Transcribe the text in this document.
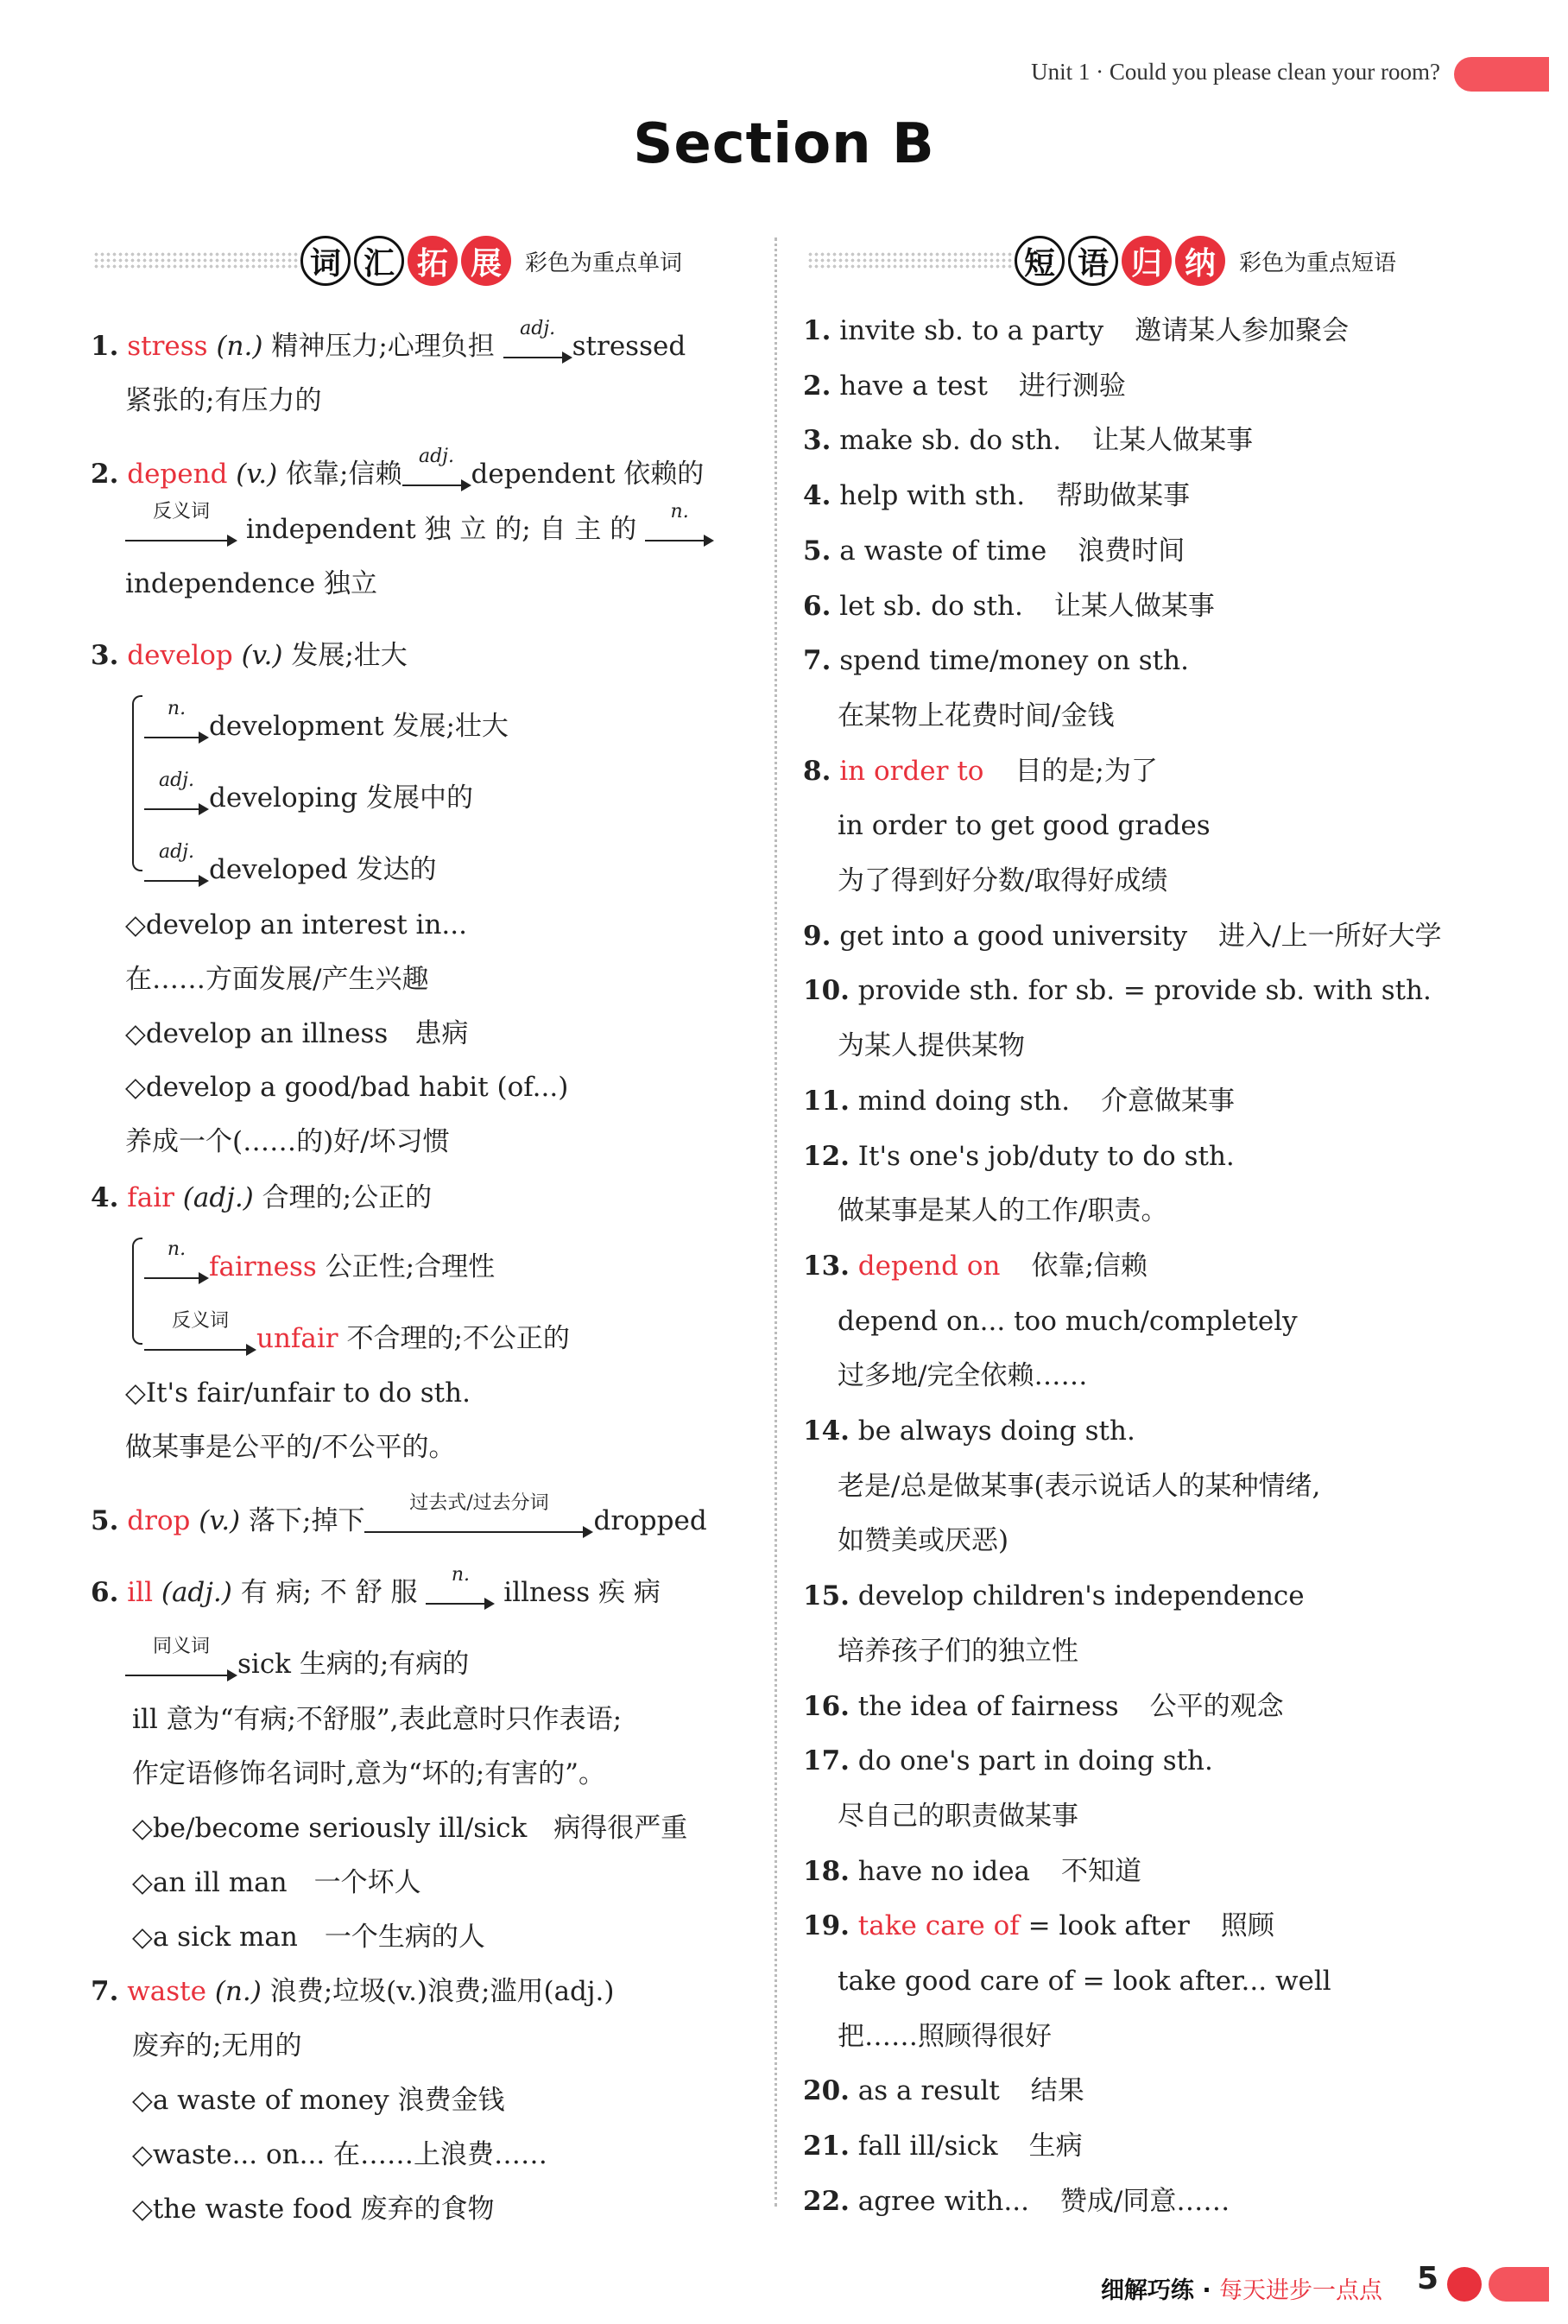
Unit 1 · Could you please clean your room?
Section B
词 汇 拓 展	彩色为重点单词	短 语 归 纳	彩色为重点短语
1. stress (n.) 精神压力;心理负担
adj.
stressed
紧张的;有压力的
2. depend (v.) 依靠;信赖
adj.
dependent 依赖的
反义词
independent 独 立 的; 自 主 的
n.
independence 独立
3. develop (v.) 发展;壮大
n.
development 发展;壮大
adj.
developing 发展中的
adj.
developed 发达的
◇develop an interest in...
在……方面发展/产生兴趣
◇develop an illness　患病
◇develop a good/bad habit (of...)
养成一个(……的)好/坏习惯
4. fair (adj.) 合理的;公正的
n.
fairness 公正性;合理性
反义词
unfair 不合理的;不公正的
◇It's fair/unfair to do sth.
做某事是公平的/不公平的。
5. drop (v.) 落下;掉下
过去式/过去分词
dropped
6. ill (adj.) 有 病; 不 舒 服
n.
illness 疾 病
同义词
sick 生病的;有病的
ill 意为“有病;不舒服”,表此意时只作表语;
作定语修饰名词时,意为“坏的;有害的”。
◇be/become seriously ill/sick　病得很严重
◇an ill man　一个坏人
◇a sick man　一个生病的人
7. waste (n.) 浪费;垃圾(v.)浪费;滥用(adj.)
废弃的;无用的
◇a waste of money 浪费金钱
◇waste... on... 在……上浪费……
◇the waste food 废弃的食物
1. invite sb. to a party 邀请某人参加聚会
2. have a test 进行测验
3. make sb. do sth. 让某人做某事
4. help with sth. 帮助做某事
5. a waste of time 浪费时间
6. let sb. do sth. 让某人做某事
7. spend time/money on sth.
在某物上花费时间/金钱
8. in order to 目的是;为了
in order to get good grades
为了得到好分数/取得好成绩
9. get into a good university 进入/上一所好大学
10. provide sth. for sb. = provide sb. with sth.
为某人提供某物
11. mind doing sth. 介意做某事
12. It's one's job/duty to do sth.
做某事是某人的工作/职责。
13. depend on 依靠;信赖
depend on... too much/completely
过多地/完全依赖……
14. be always doing sth.
老是/总是做某事(表示说话人的某种情绪,
如赞美或厌恶)
15. develop children's independence
培养孩子们的独立性
16. the idea of fairness 公平的观念
17. do one's part in doing sth.
尽自己的职责做某事
18. have no idea 不知道
19. take care of = look after 照顾
take good care of = look after... well
把……照顾得很好
20. as a result 结果
21. fall ill/sick 生病
22. agree with... 赞成/同意……
细解巧练 · 每天进步一点点 5
